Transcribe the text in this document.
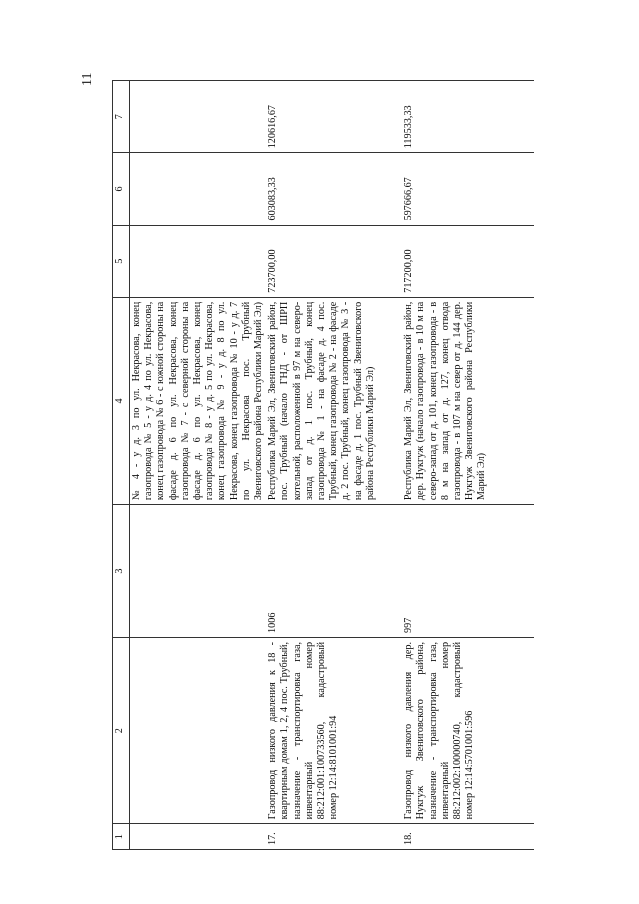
11
1	2	3	4	5	6	7
			№ 4 - у д. 3 по ул. Некрасова, конец газопровода № 5 - у д. 4 по ул. Некрасова, конец газопровода № 6 - с южной стороны на фасаде д. 6 по ул. Некрасова, конец газопровода № 7 - с северной стороны на фасаде д. 6 по ул. Некрасова, конец газопровода № 8 - у д. 5 по ул. Некрасова, конец газопровода № 9 - у д. 8 по ул. Некрасова, конец газопровода № 10 - у д. 7 по ул. Некрасова пос. Трубный Звениговского района Республики Марий Эл)			
17.	Газопровод низкого давления к 18 - квартирным домам 1, 2, 4 пос. Трубный, назначение - транспортировка газа, инвентарный номер 88:212:001:100733560, кадастровый номер 12:14:8101001:94	1006	Республика Марий Эл, Звениговский район, пос. Трубный (начало ГНД - от ШРП котельной, расположенной в 97 м на северо-запад от д. 1 пос. Трубный, конец газопровода № 1 - на фасаде д. 4 пос. Трубный, конец газопровода № 2 - на фасаде д. 2 пос. Трубный, конец газопровода № 3 - на фасаде д. 1 пос. Трубный Звениговского района Республики Марий Эл)	723700,00	603083,33	120616,67
18.	Газопровод низкого давления дер. Нукгуж Звениговского района, назначение - транспортировка газа, инвентарный номер 88:212:002:100000740, кадастровый номер 12:14:5701001:596	997	Республика Марий Эл, Звениговский район, дер. Нукгуж (начало газопровода - в 10 м на северо-запад от д. 101, конец газопровода - в 8 м на запад от д. 127, конец отвода газопровода - в 107 м на север от д. 144 дер. Нукгуж Звениговского района Республики Марий Эл)	717200,00	597666,67	119533,33
